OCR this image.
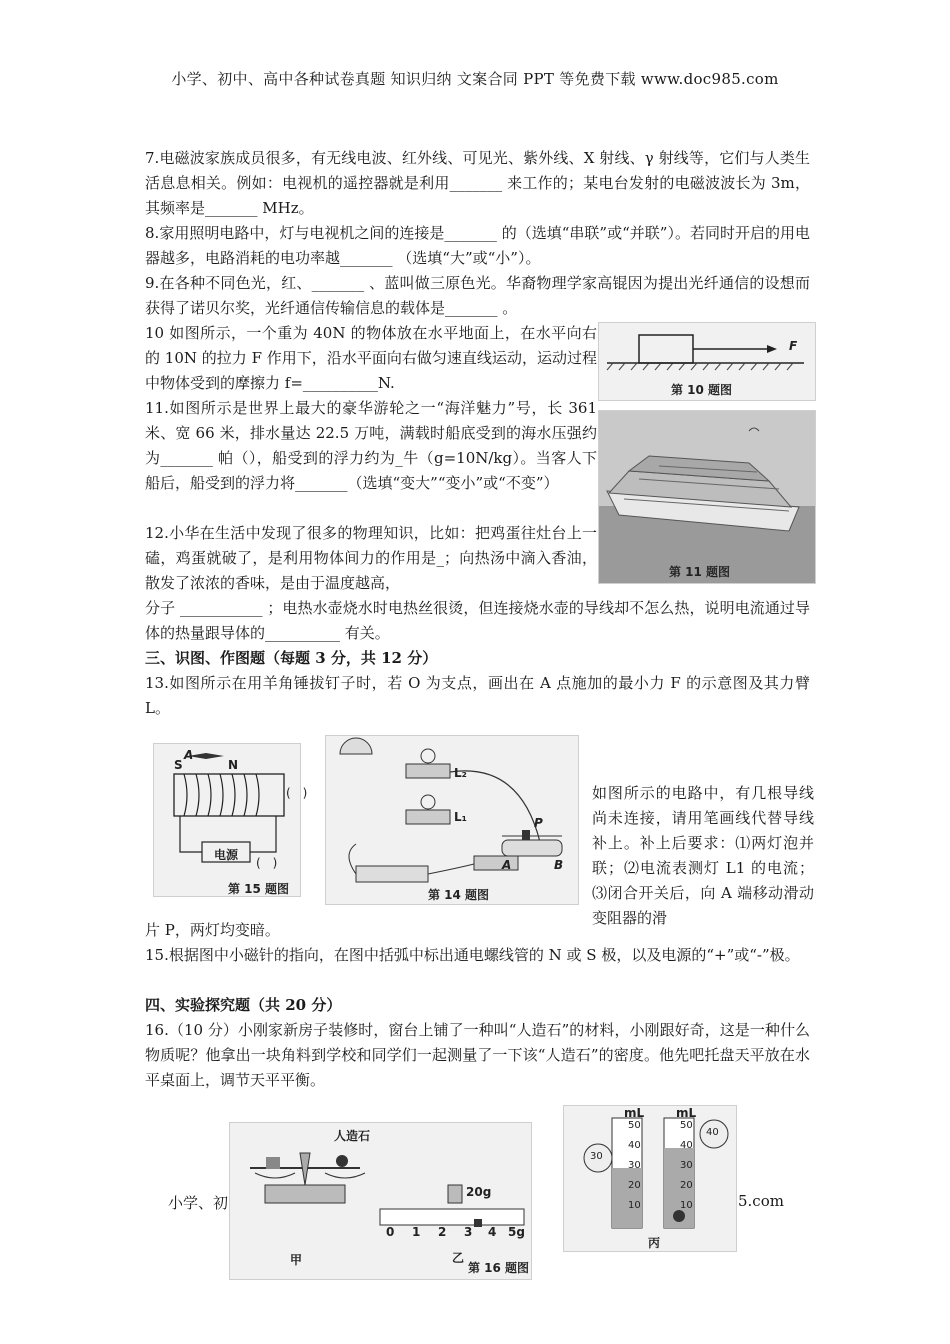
小学、初中、高中各种试卷真题 知识归纳 文案合同 PPT 等免费下载 www.doc985.com

7.电磁波家族成员很多，有无线电波、红外线、可见光、紫外线、X 射线、γ 射线等，它们与人类生活息息相关。例如：电视机的遥控器就是利用_______ 来工作的；某电台发射的电磁波波长为 3m，其频率是_______ MHz。

8.家用照明电路中，灯与电视机之间的连接是_______ 的（选填“串联”或“并联”）。若同时开启的用电器越多，电路消耗的电功率越_______ （选填“大”或“小”）。

9.在各种不同色光，红、_______ 、蓝叫做三原色光。华裔物理学家高锟因为提出光纤通信的设想而获得了诺贝尔奖，光纤通信传输信息的载体是_______ 。

10 如图所示，一个重为 40N 的物体放在水平地面上，在水平向右的 10N 的拉力 F 作用下，沿水平面向右做匀速直线运动，运动过程中物体受到的摩擦力 f=__________N.

11.如图所示是世界上最大的豪华游轮之一“海洋魅力”号，长 361 米、宽 66 米，排水量达 22.5 万吨，满载时船底受到的海水压强约为_______ 帕（），船受到的浮力约为_牛（g=10N/kg）。当客人下船后，船受到的浮力将_______（选填“变大”“变小”或“不变”）

12.小华在生活中发现了很多的物理知识，比如：把鸡蛋往灶台上一磕，鸡蛋就破了，是利用物体间力的作用是_；向热汤中滴入香油，散发了浓浓的香味，是由于温度越高，

分子 ___________ ；电热水壶烧水时电热丝很烫，但连接烧水壶的导线却不怎么热，说明电流通过导体的热量跟导体的__________ 有关。

三、识图、作图题（每题 3 分，共 12 分）

13.如图所示在用羊角锤拔钉子时，若 O 为支点，画出在 A 点施加的最小力 F 的示意图及其力臂 L。

如图所示的电路中，有几根导线尚未连接，请用笔画线代替导线补上。补上后要求：⑴两灯泡并联；⑵电流表测灯 L1 的电流；⑶闭合开关后，向 A 端移动滑动变阻器的滑

片 P，两灯均变暗。

15.根据图中小磁针的指向，在图中括弧中标出通电螺线管的 N 或 S 极，以及电源的“+”或“-”极。

四、实验探究题（共 20 分）

16.（10 分）小刚家新房子装修时，窗台上铺了一种叫“人造石”的材料，小刚跟好奇，这是一种什么物质呢？他拿出一块角料到学校和同学们一起测量了一下该“人造石”的密度。他先吧托盘天平放在水平桌面上，调节天平平衡。

F
第 10 题图
第 11 题图
A
S	N
(　)
电源
(　)
第 15 题图
L₂
L₁	P
A	B
第 14 题图
人造石
20g
0 1 2 3 4 5g
甲	乙
第 16 题图
mL	mL
50
40
30
20
10
50
40
30
20
10
30
40
丙
小学、初	5.com
